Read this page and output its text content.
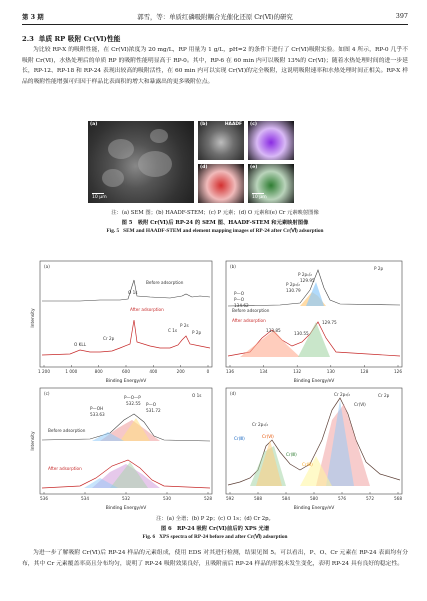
第 3 期	郭雪，等：单质红磷吸附耦合光催化还原 Cr(Ⅵ)的研究	397
2.3 单质 RP 吸附 Cr(Ⅵ)性能

为比较 RP-X 的吸附性能，在 Cr(Ⅵ)浓度为 20 mg/L，RP 用量为 1 g/L，pH=2 的条件下进行了 Cr(Ⅵ)吸附实验。如图 4 所示，RP-0 几乎不吸附 Cr(Ⅵ)，水热处理后的单质 RP 的吸附性能明显高于 RP-0。其中，RP-6 在 60 min 内可以吸附 13%的 Cr(Ⅵ)；随着水热处理时间的进一步延长，RP-12、RP-18 和 RP-24 表现出较高的吸附活性，在 60 min 内可以实现 Cr(Ⅵ)的完全吸附，这说明吸附速率和水热处理时间正相关。RP-X 样品的吸附性能增强可归因于样品比表面积的增大和暴露出的更多吸附位点。

(a)
10 μm
(b)	HAADF (c)
(d)	(e)
10 μm
注：(a) SEM 图；(b) HAADF-STEM；(c) P 元素；(d) O 元素和(e) Cr 元素映射图像
图 5　吸附 Cr(Ⅵ)后 RP-24 的 SEM 图、HAADF-STEM 和元素映射图像
Fig. 5 SEM and HAADF-STEM and element mapping images of RP-24 after Cr(Ⅵ) adsorption
(a)
Intensity
Binding Energy/eV
1 200	1 000	800	600	400	200	0
Before adsorption
After adsorption
O KLL
Cr 2p
O 1s
C 1s
P 2s
P 2p
(b)	P 2p
Binding Energy/eV
136	134	132	130	128	126
P—O
P 2p₁/₂
129.95
P 2p₃/₂
130.79
P—O
134.62
Before adsorption
After adsorption
133.85
130.55
129.75
(c)	O 1s
Intensity
Binding Energy/eV
536	534	532	530	528
P—O—P
532.55 P—O
531.72
P—OH
533.63
Before adsorption
After adsorption
(d)	Cr 2p
Binding Energy/eV
592	588	584	580	576	572	568
Cr 2p₁/₂
Cr 2p₃/₂
Cr(Ⅲ)	Cr(Ⅵ)
Cr(Ⅵ)
Cr(Ⅲ)
Cr(Ⅲ)
注：(a) 全谱；(b) P 2p；(c) O 1s；(d) Cr 2p。
图 6　RP-24 吸附 Cr(Ⅵ)前后的 XPS 光谱
Fig. 6 XPS spectra of RP-24 before and after Cr(Ⅵ) adsorption

为进一步了解吸附 Cr(Ⅵ)后 RP-24 样品的元素组成，使用 EDS 对其进行检测，结果见图 5。可以看出，P、O、Cr 元素在 RP-24 表面均有分布，其中 Cr 元素覆盖率高且分布均匀，说明了 RP-24 吸附效果良好，且吸附前后 RP-24 样品的形貌未发生变化，表明 RP-24 具有良好的稳定性。
